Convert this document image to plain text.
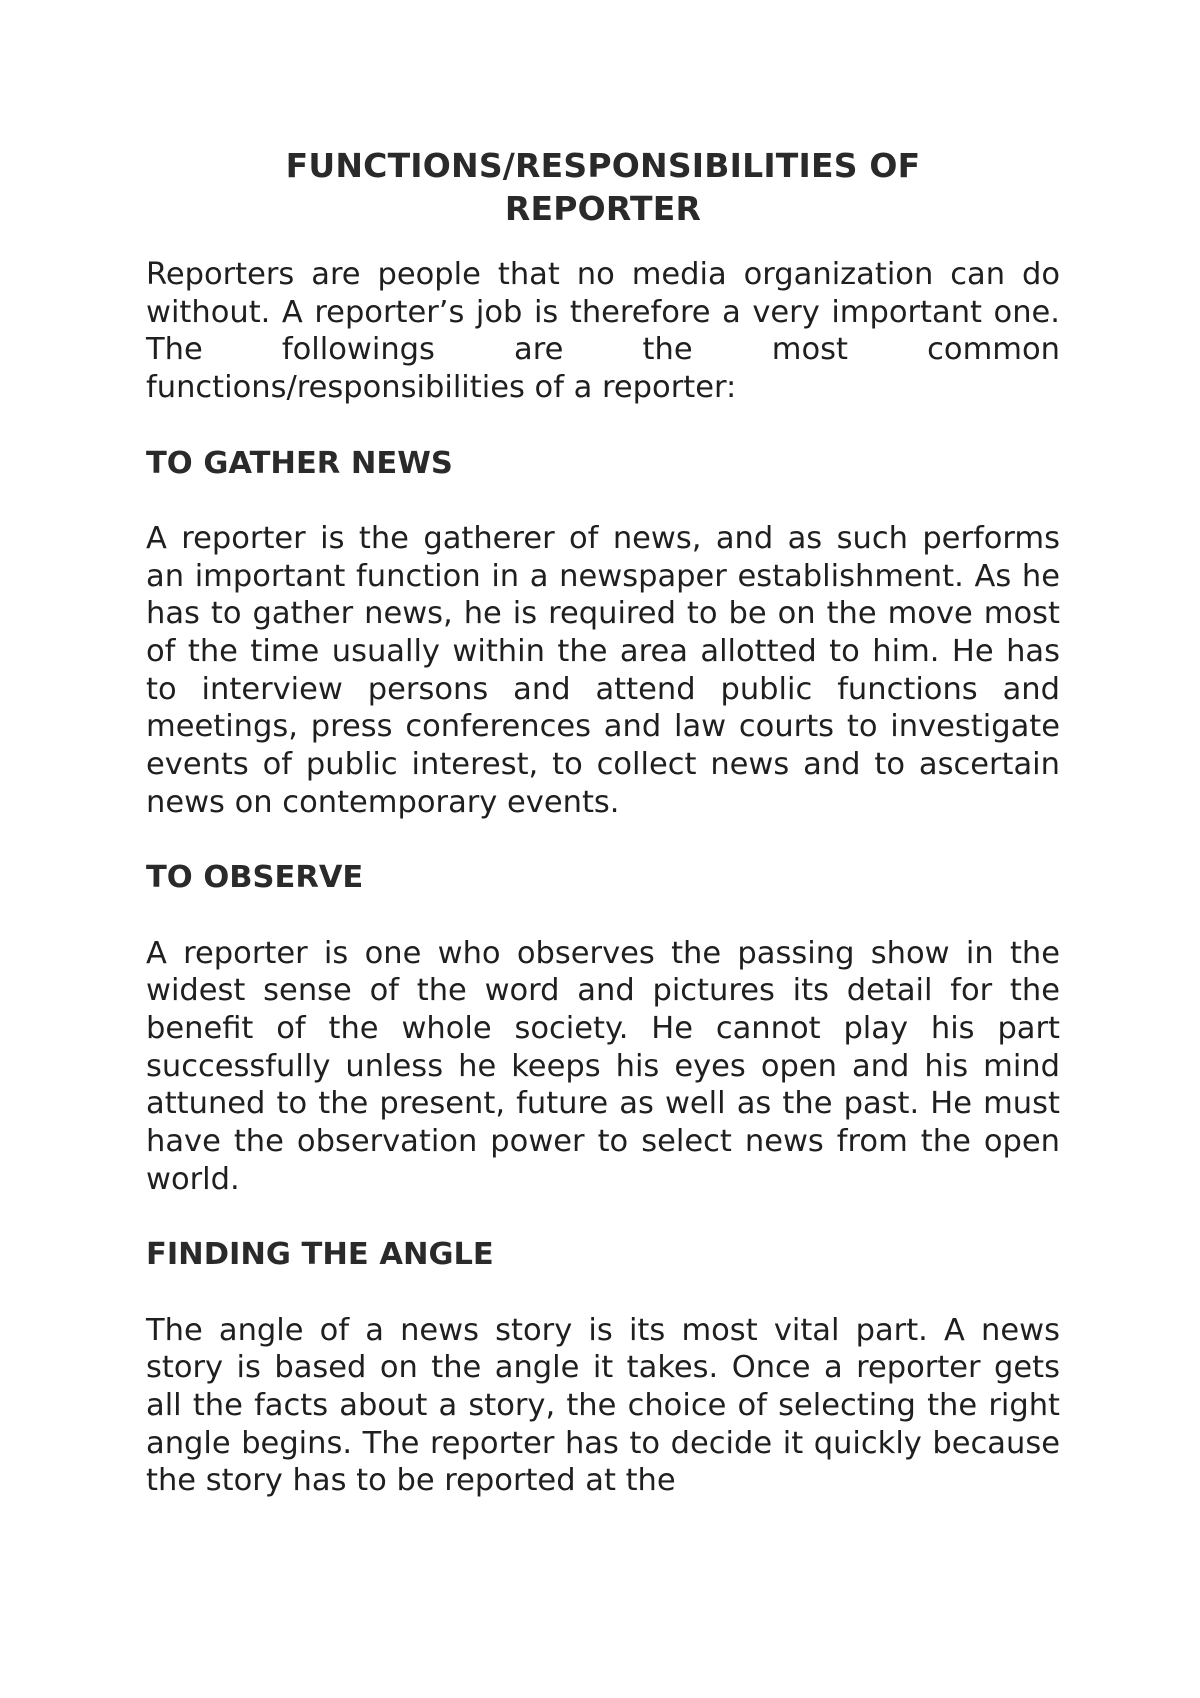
FUNCTIONS/RESPONSIBILITIES OF
REPORTER

Reporters are people that no media organization can do without. A reporter’s job is therefore a very important one. The followings are the most common functions/responsibilities of a reporter:

TO GATHER NEWS

A reporter is the gatherer of news, and as such performs an important function in a newspaper establishment. As he has to gather news, he is required to be on the move most of the time usually within the area allotted to him. He has to interview persons and attend public functions and meetings, press conferences and law courts to investigate events of public interest, to collect news and to ascertain news on contemporary events.

TO OBSERVE

A reporter is one who observes the passing show in the widest sense of the word and pictures its detail for the benefit of the whole society. He cannot play his part successfully unless he keeps his eyes open and his mind attuned to the present, future as well as the past. He must have the observation power to select news from the open world.

FINDING THE ANGLE

The angle of a news story is its most vital part. A news story is based on the angle it takes. Once a reporter gets all the facts about a story, the choice of selecting the right angle begins. The reporter has to decide it quickly because the story has to be reported at the
